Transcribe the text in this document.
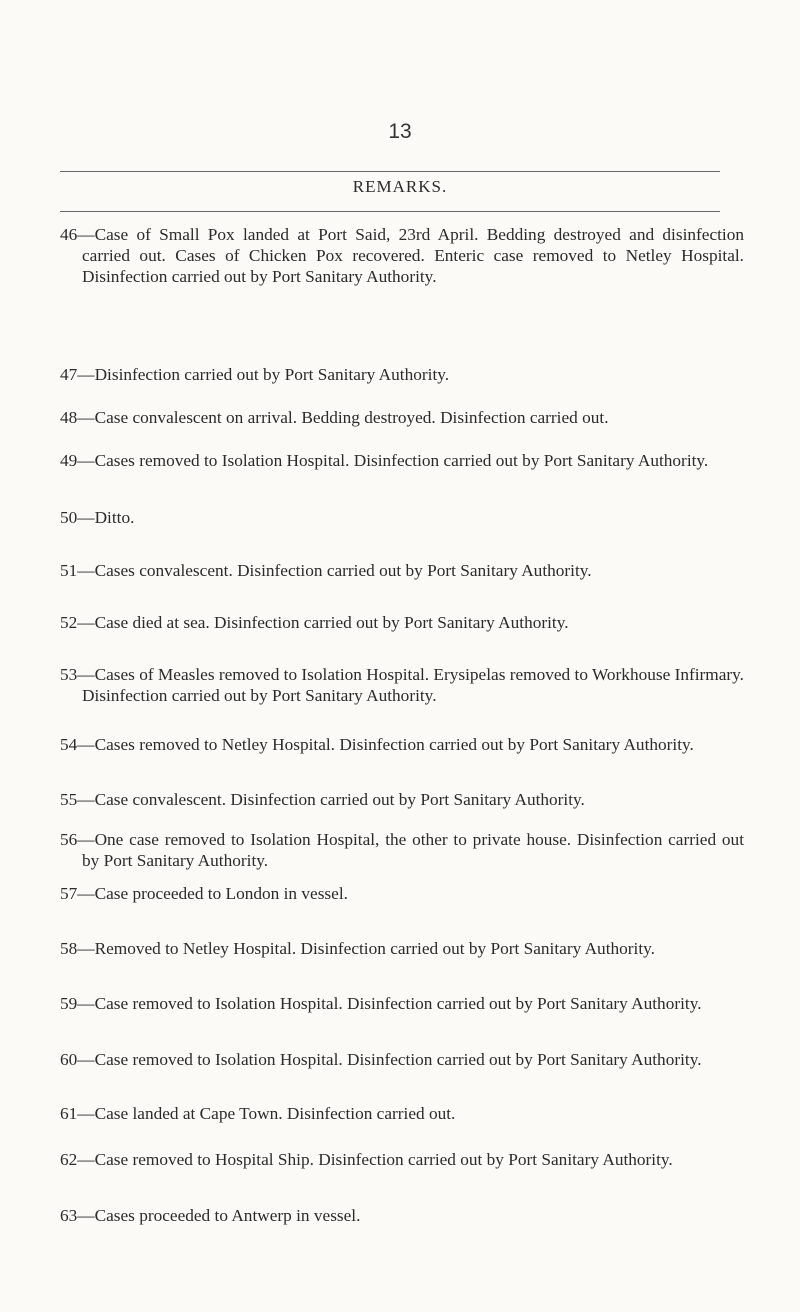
13
REMARKS.

46—Case of Small Pox landed at Port Said, 23rd April. Bedding destroyed and disinfection carried out. Cases of Chicken Pox recovered. Enteric case removed to Netley Hospital. Disinfection carried out by Port Sanitary Authority.

47—Disinfection carried out by Port Sanitary Authority.

48—Case convalescent on arrival. Bedding destroyed. Disinfection carried out.

49—Cases removed to Isolation Hospital. Disinfection carried out by Port Sanitary Authority.

50—Ditto.

51—Cases convalescent. Disinfection carried out by Port Sanitary Authority.

52—Case died at sea. Disinfection carried out by Port Sanitary Authority.

53—Cases of Measles removed to Isolation Hospital. Erysipelas removed to Workhouse Infirmary. Disinfection carried out by Port Sanitary Authority.

54—Cases removed to Netley Hospital. Disinfection carried out by Port Sanitary Authority.

55—Case convalescent. Disinfection carried out by Port Sanitary Authority.

56—One case removed to Isolation Hospital, the other to private house. Disinfection carried out by Port Sanitary Authority.

57—Case proceeded to London in vessel.

58—Removed to Netley Hospital. Disinfection carried out by Port Sanitary Authority.

59—Case removed to Isolation Hospital. Disinfection carried out by Port Sanitary Authority.

60—Case removed to Isolation Hospital. Disinfection carried out by Port Sanitary Authority.

61—Case landed at Cape Town. Disinfection carried out.

62—Case removed to Hospital Ship. Disinfection carried out by Port Sanitary Authority.

63—Cases proceeded to Antwerp in vessel.
